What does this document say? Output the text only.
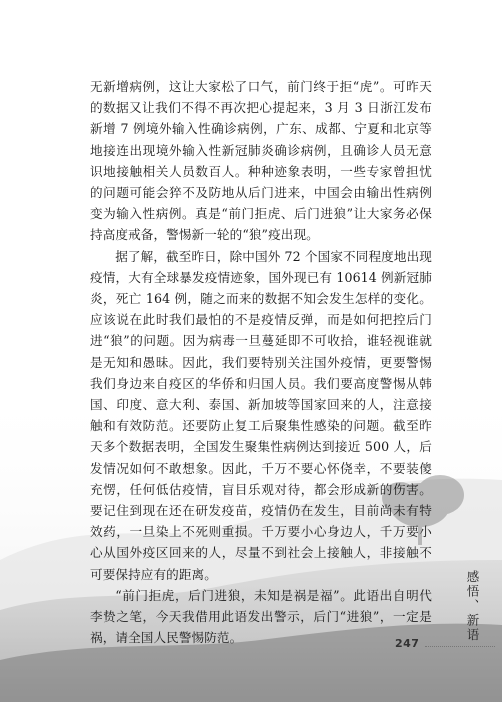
无新增病例，这让大家松了口气，前门终于拒“虎”。可昨天的数据又让我们不得不再次把心提起来，3 月 3 日浙江发布新增 7 例境外输入性确诊病例，广东、成都、宁夏和北京等地接连出现境外输入性新冠肺炎确诊病例，且确诊人员无意识地接触相关人员数百人。种种迹象表明，一些专家曾担忧的问题可能会猝不及防地从后门进来，中国会由输出性病例变为输入性病例。真是“前门拒虎、后门进狼”让大家务必保持高度戒备，警惕新一轮的“狼”疫出现。

据了解，截至昨日，除中国外 72 个国家不同程度地出现疫情，大有全球暴发疫情迹象，国外现已有 10614 例新冠肺炎，死亡 164 例，随之而来的数据不知会发生怎样的变化。应该说在此时我们最怕的不是疫情反弹，而是如何把控后门进“狼”的问题。因为病毒一旦蔓延即不可收拾，谁轻视谁就是无知和愚昧。因此，我们要特别关注国外疫情，更要警惕我们身边来自疫区的华侨和归国人员。我们要高度警惕从韩国、印度、意大利、泰国、新加坡等国家回来的人，注意接触和有效防范。还要防止复工后聚集性感染的问题。截至昨天多个数据表明，全国发生聚集性病例达到接近 500 人，后发情况如何不敢想象。因此，千万不要心怀侥幸，不要装傻充愣，任何低估疫情，盲目乐观对待，都会形成新的伤害。要记住到现在还在研发疫苗，疫情仍在发生，目前尚未有特效药，一旦染上不死则重损。千万要小心身边人，千万要小心从国外疫区回来的人，尽量不到社会上接触人，非接触不可要保持应有的距离。

“前门拒虎，后门进狼，未知是祸是福”。此语出自明代李贽之笔，今天我借用此语发出警示，后门“进狼”，一定是祸，请全国人民警惕防范。	感悟、新语
247
